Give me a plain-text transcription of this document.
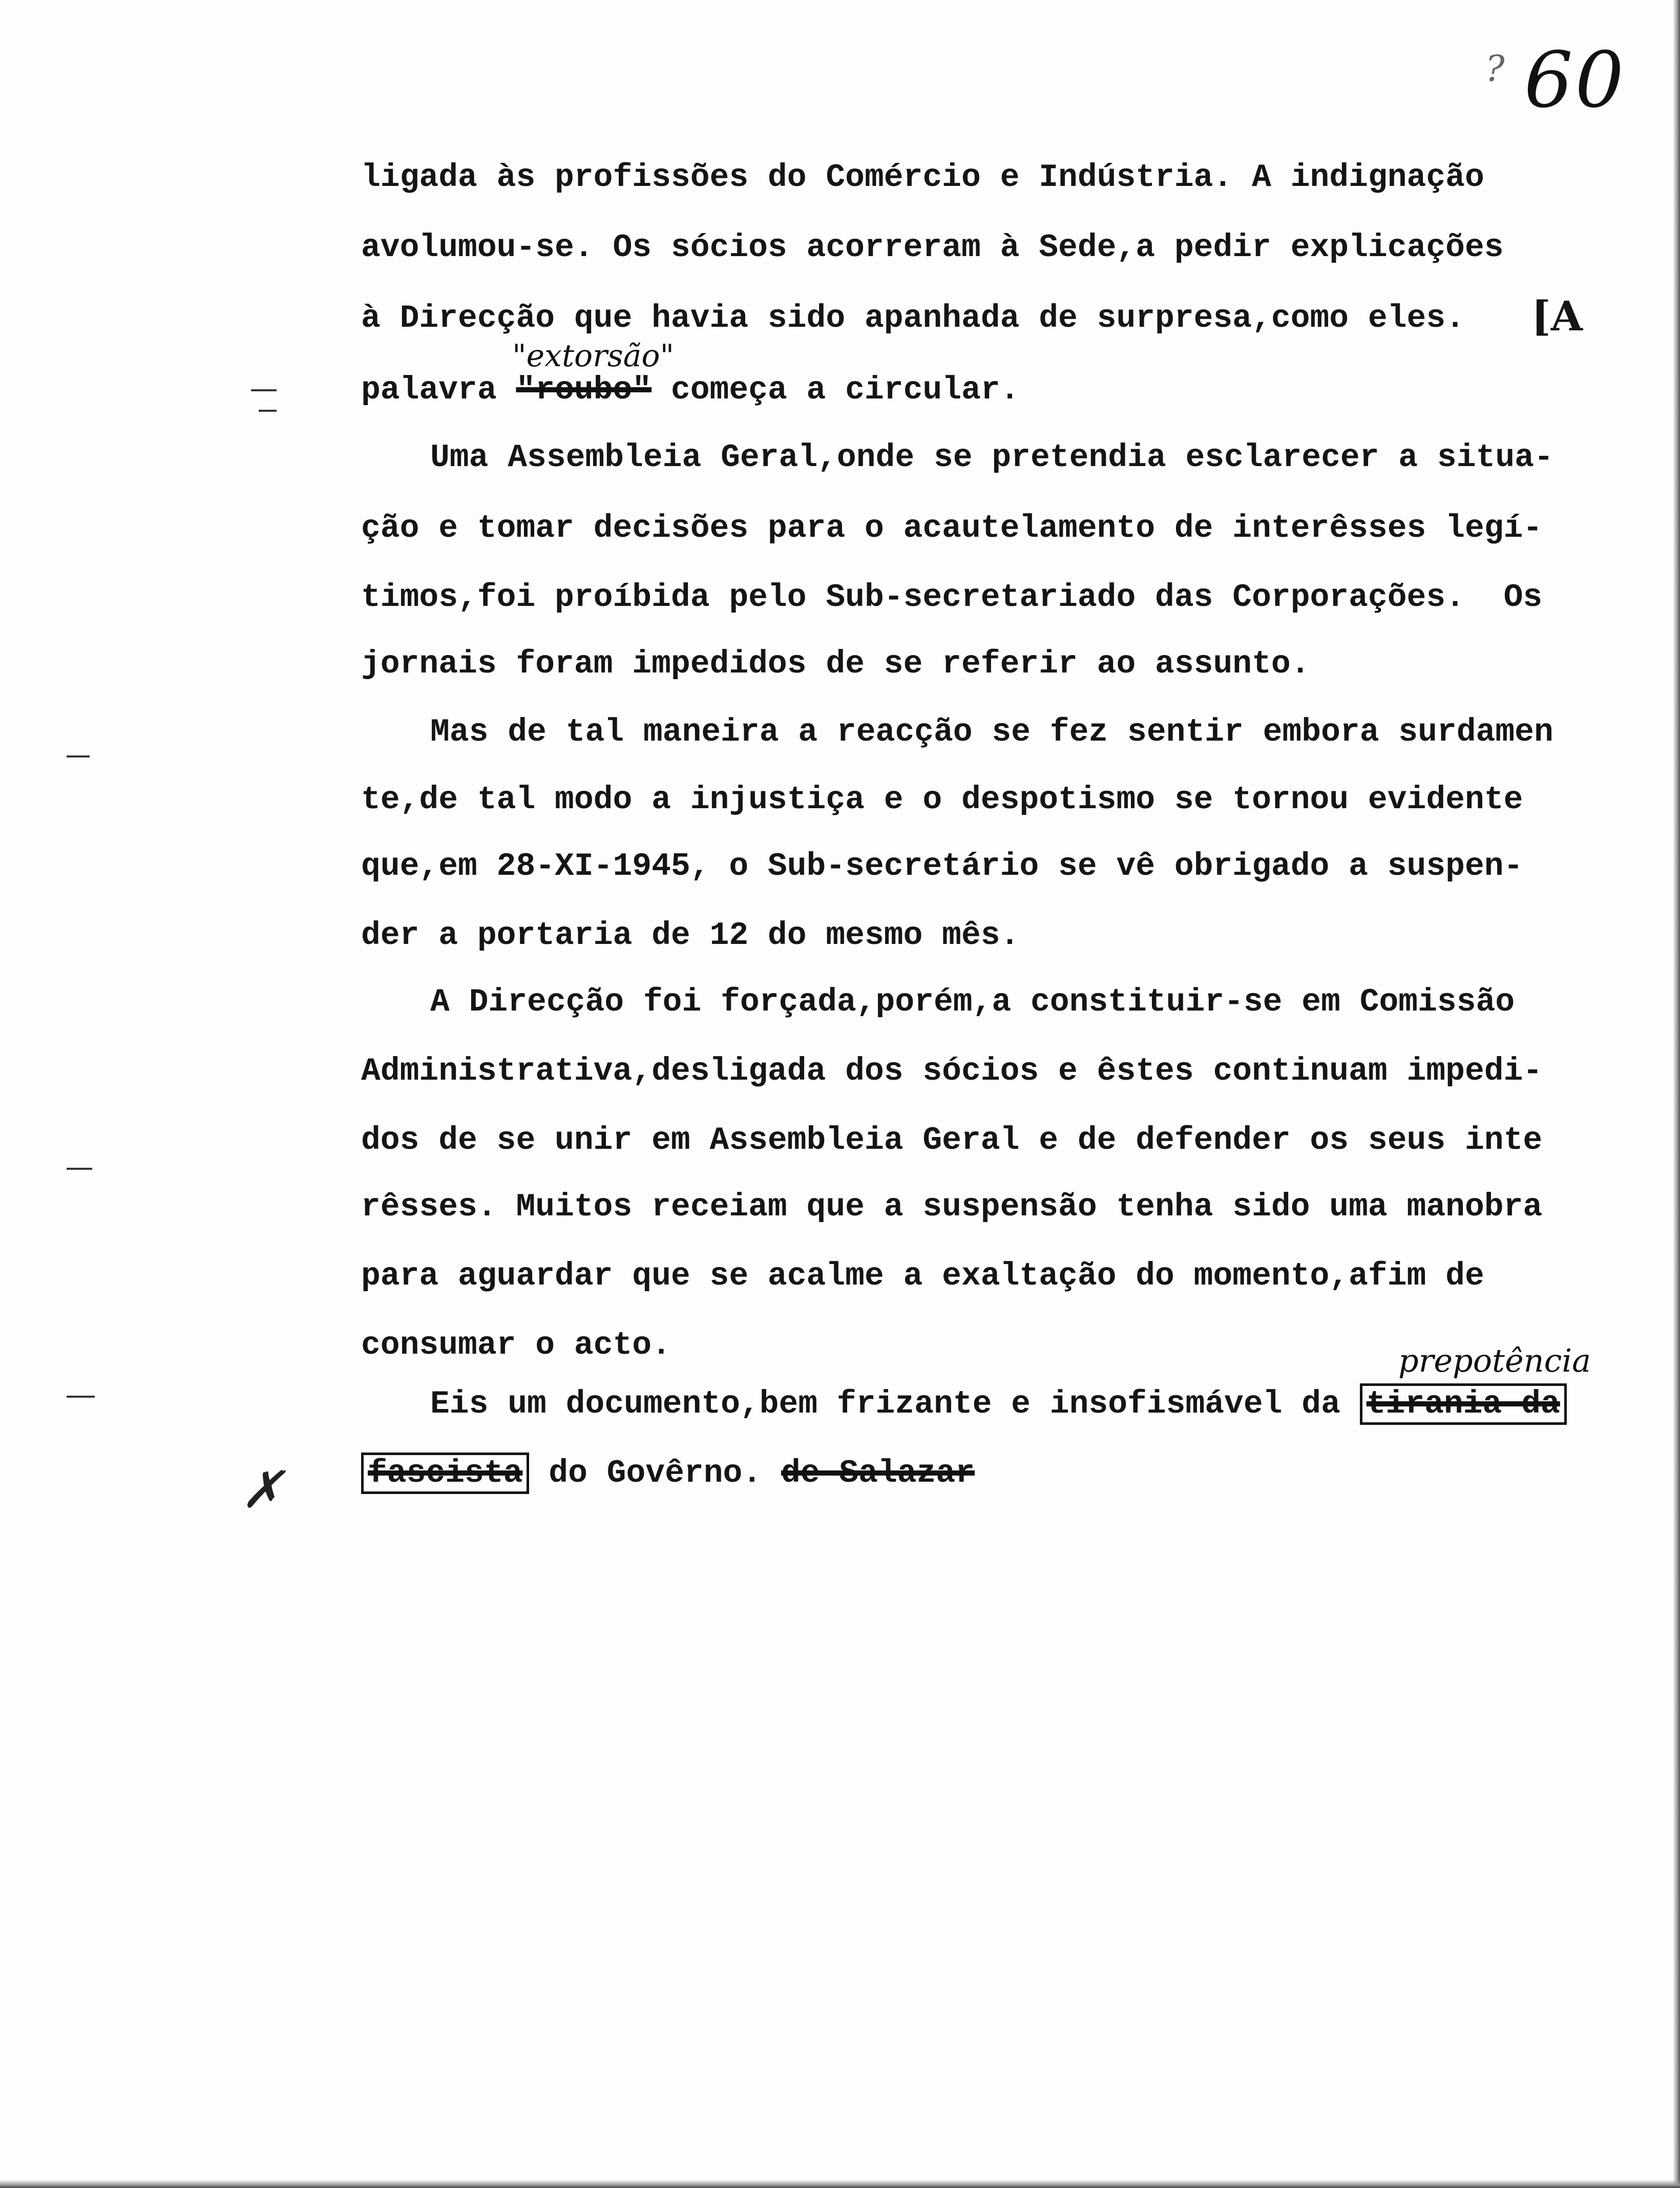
? 60
✗
ligada às profissões do Comércio e Indústria. A indignação
avolumou-se. Os sócios acorreram à Sede,a pedir explicações
à Direcção que havia sido apanhada de surpresa,como eles. [A
"extorsão"
palavra "roubo" começa a circular.
Uma Assembleia Geral,onde se pretendia esclarecer a situa-
ção e tomar decisões para o acautelamento de interêsses legí-
timos,foi proíbida pelo Sub-secretariado das Corporações.  Os
jornais foram impedidos de se referir ao assunto.
Mas de tal maneira a reacção se fez sentir embora surdamen
te,de tal modo a injustiça e o despotismo se tornou evidente
que,em 28-XI-1945, o Sub-secretário se vê obrigado a suspen-
der a portaria de 12 do mesmo mês.
A Direcção foi forçada,porém,a constituir-se em Comissão
Administrativa,desligada dos sócios e êstes continuam impedi-
dos de se unir em Assembleia Geral e de defender os seus inte
rêsses. Muitos receiam que a suspensão tenha sido uma manobra
para aguardar que se acalme a exaltação do momento,afim de
consumar o acto.	prepotência
Eis um documento,bem frizante e insofismável da tirania da
fascista do Govêrno. de Salazar
